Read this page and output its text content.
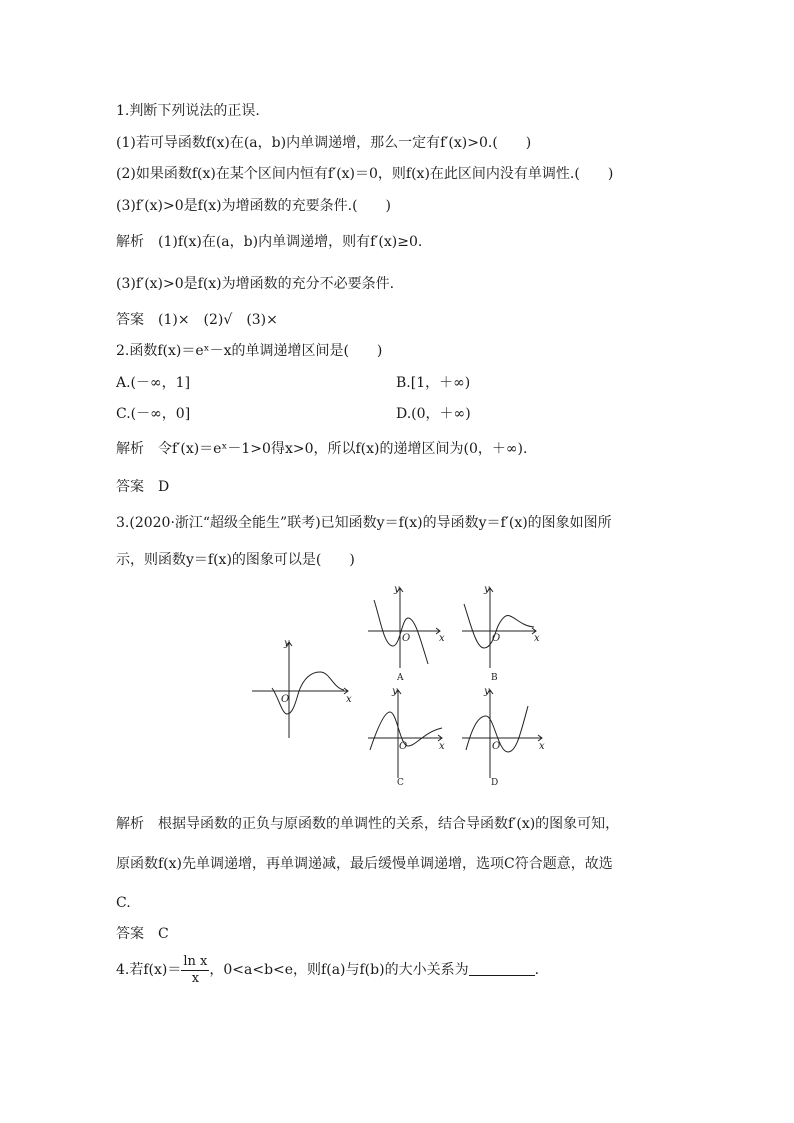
1.判断下列说法的正误.
(1)若可导函数f(x)在(a，b)内单调递增，那么一定有f′(x)>0.(　　)
(2)如果函数f(x)在某个区间内恒有f′(x)＝0，则f(x)在此区间内没有单调性.(　　)
(3)f′(x)>0是f(x)为增函数的充要条件.(　　)
解析 (1)f(x)在(a，b)内单调递增，则有f′(x)≥0.
(3)f′(x)>0是f(x)为增函数的充分不必要条件.
答案 (1)×　(2)√　(3)×
2.函数f(x)＝eˣ－x的单调递增区间是(　　)
A.(－∞，1]	B.[1，＋∞)
C.(－∞，0]	D.(0，＋∞)
解析 令f′(x)＝eˣ－1>0得x>0，所以f(x)的递增区间为(0，＋∞).
答案 D
3.(2020·浙江“超级全能生”联考)已知函数y＝f(x)的导函数y＝f′(x)的图象如图所
示，则函数y＝f(x)的图象可以是(　　)
y
x
O
y
x
O
y
x
O
y
x
O
y
x
O
A	B
C	D
解析 根据导函数的正负与原函数的单调性的关系，结合导函数f′(x)的图象可知，
原函数f(x)先单调递增，再单调递减，最后缓慢单调递增，选项C符合题意，故选
C.
答案 C
4.若$f(x)= \frac{\text{ln x}}{x}$ ，0<a<b<e，则f(a)与f(b)的大小关系为	.
